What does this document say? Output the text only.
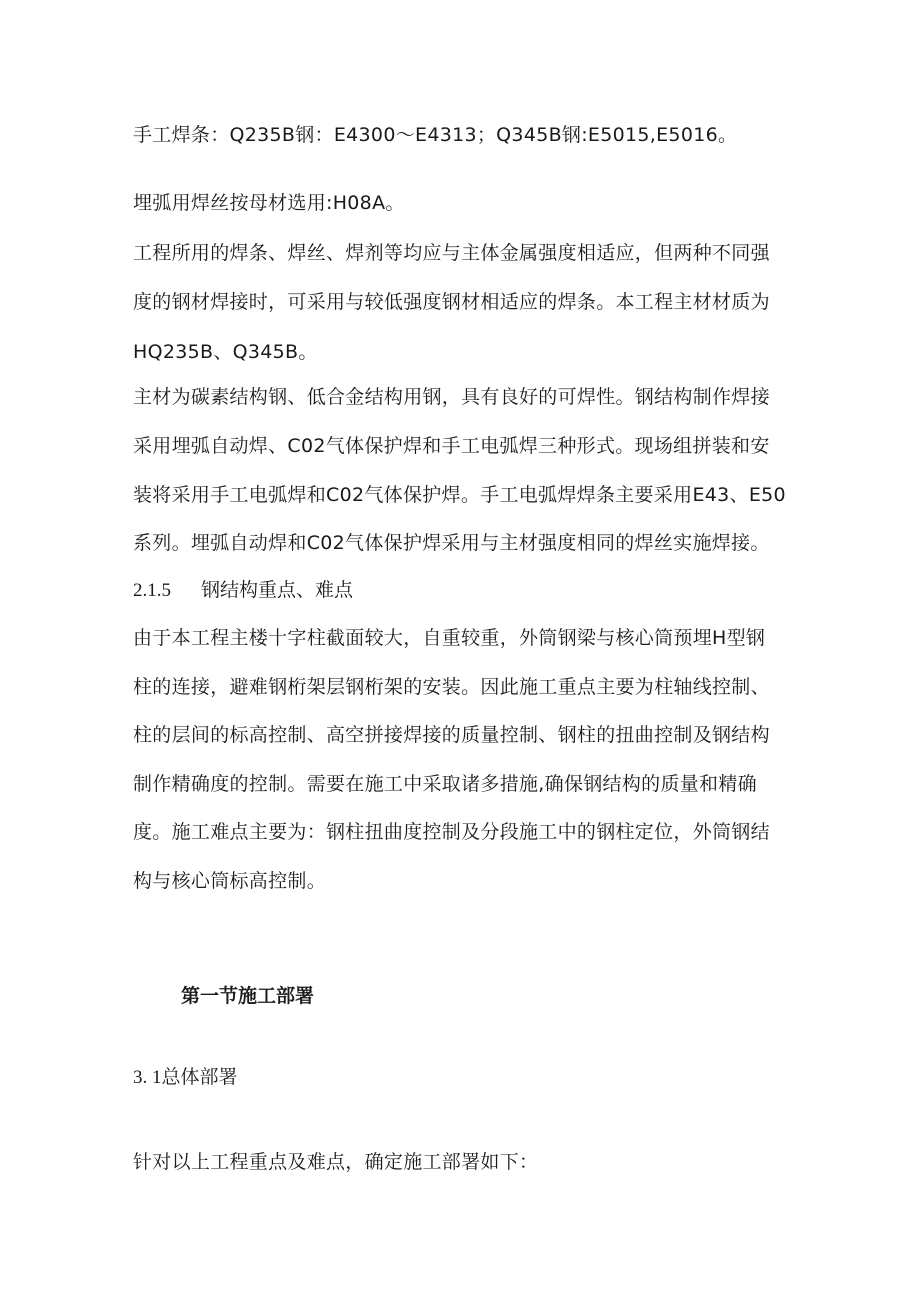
手工焊条：Q235B钢：E4300～E4313；Q345B钢:E5015,E5016。

埋弧用焊丝按母材选用:H08A。

工程所用的焊条、焊丝、焊剂等均应与主体金属强度相适应，但两种不同强

度的钢材焊接时，可采用与较低强度钢材相适应的焊条。本工程主材材质为

HQ235B、Q345B。

主材为碳素结构钢、低合金结构用钢，具有良好的可焊性。钢结构制作焊接

采用埋弧自动焊、C02气体保护焊和手工电弧焊三种形式。现场组拼装和安

装将采用手工电弧焊和C02气体保护焊。手工电弧焊焊条主要采用E43、E50

系列。埋弧自动焊和C02气体保护焊采用与主材强度相同的焊丝实施焊接。

2.1.5 钢结构重点、难点

由于本工程主楼十字柱截面较大，自重较重，外筒钢梁与核心筒预埋H型钢

柱的连接，避难钢桁架层钢桁架的安装。因此施工重点主要为柱轴线控制、

柱的层间的标高控制、高空拼接焊接的质量控制、钢柱的扭曲控制及钢结构

制作精确度的控制。需要在施工中采取诸多措施,确保钢结构的质量和精确

度。施工难点主要为：钢柱扭曲度控制及分段施工中的钢柱定位，外筒钢结

构与核心筒标高控制。

第一节施工部署

3. 1总体部署

针对以上工程重点及难点，确定施工部署如下：
